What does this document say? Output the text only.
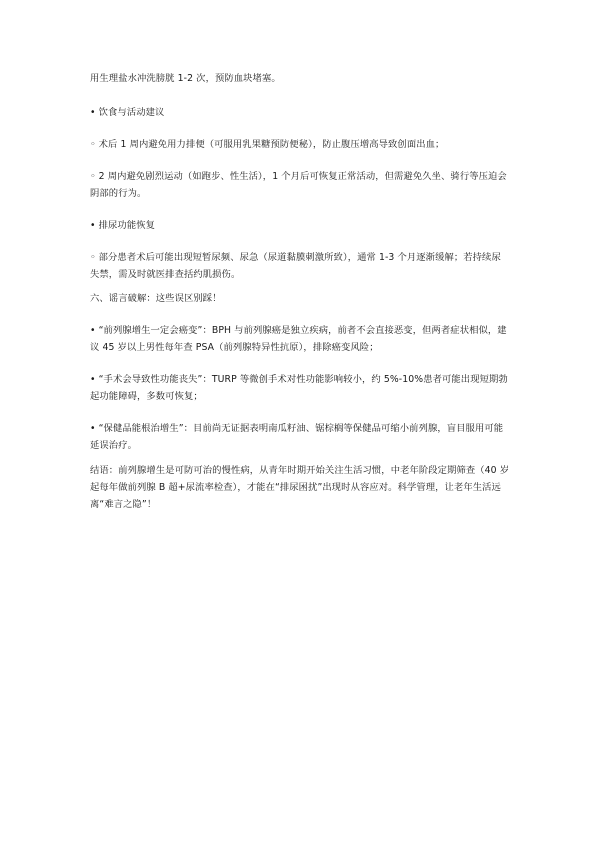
用生理盐水冲洗膀胱 1-2 次，预防血块堵塞。

• 饮食与活动建议

◦ 术后 1 周内避免用力排便（可服用乳果糖预防便秘），防止腹压增高导致创面出血；

◦ 2 周内避免剧烈运动（如跑步、性生活），1 个月后可恢复正常活动，但需避免久坐、骑行等压迫会阴部的行为。

• 排尿功能恢复

◦ 部分患者术后可能出现短暂尿频、尿急（尿道黏膜刺激所致），通常 1-3 个月逐渐缓解；若持续尿失禁，需及时就医排查括约肌损伤。

六、谣言破解：这些误区别踩！

• “前列腺增生一定会癌变”：BPH 与前列腺癌是独立疾病，前者不会直接恶变，但两者症状相似，建议 45 岁以上男性每年查 PSA（前列腺特异性抗原），排除癌变风险；

• “手术会导致性功能丧失”：TURP 等微创手术对性功能影响较小，约 5%-10%患者可能出现短期勃起功能障碍，多数可恢复；

• “保健品能根治增生”：目前尚无证据表明南瓜籽油、锯棕榈等保健品可缩小前列腺，盲目服用可能延误治疗。

结语：前列腺增生是可防可治的慢性病，从青年时期开始关注生活习惯，中老年阶段定期筛查（40 岁起每年做前列腺 B 超+尿流率检查），才能在“排尿困扰”出现时从容应对。科学管理，让老年生活远离“难言之隐”！
